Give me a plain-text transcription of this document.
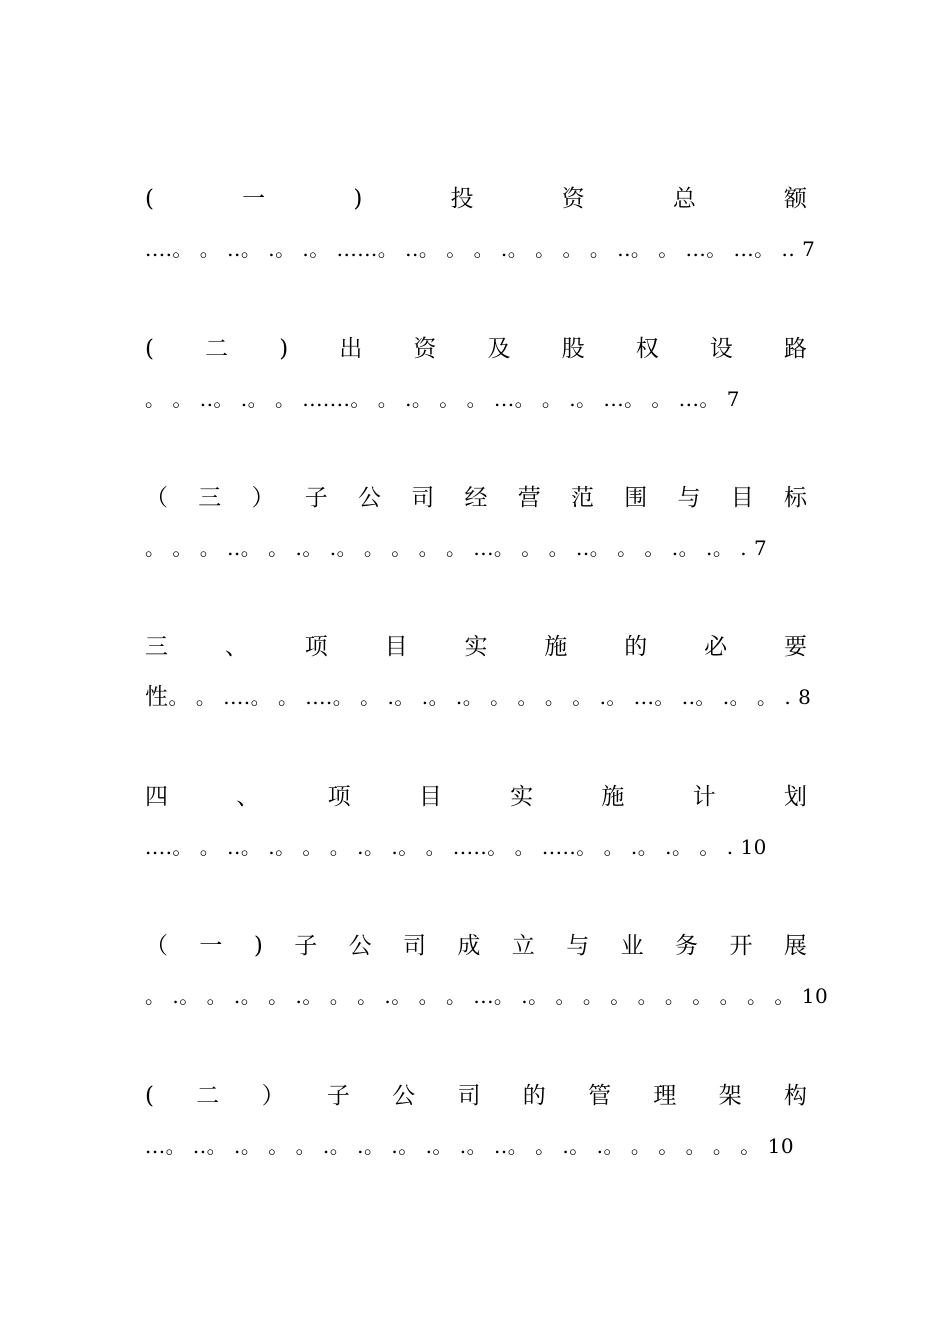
(	一	)	投	资	总	额
....。 。 ..。 .。 .。 ......。 ..。 。 。 .。 。 。 。 ..。 。 ...。 ...。 .. 7
( 二 ) 出 资 及 股 权 设 路
。 。 ..。 .。 。 .......。 。 .。 。 。 ...。 。 .。 ...。 。 ...。 7
（ 三 ） 子 公 司 经 营 范 围 与 目 标
。 。 。 ..。 。 .。 .。 。 。 。 。 ...。 。 。 ..。 。 。 .。 .。 . 7
三 、 项 目 实 施 的 必 要
性。 。 ....。 。 ....。 。 .。 .。 .。 。 。 。 。 .。 ...。 ..。 .。 。 . 8
四	、	项	目	实	施	计	划
....。 。 ..。 .。 。 。 .。 .。 。 .....。 。 .....。 。 .。 .。 。 . 10
（ 一 ) 子 公 司 成 立 与 业 务 开 展
。 .。 。 .。 。 .。 。 。 .。 。 。 ...。 .。 。 。 。 。 。 。 。 。 。 10
( 二 ） 子 公 司 的 管 理 架 构
...。 ..。 .。 。 。 .。 .。 .。 .。 .。 ..。 。 .。 .。 。 。 。 。 。 10
